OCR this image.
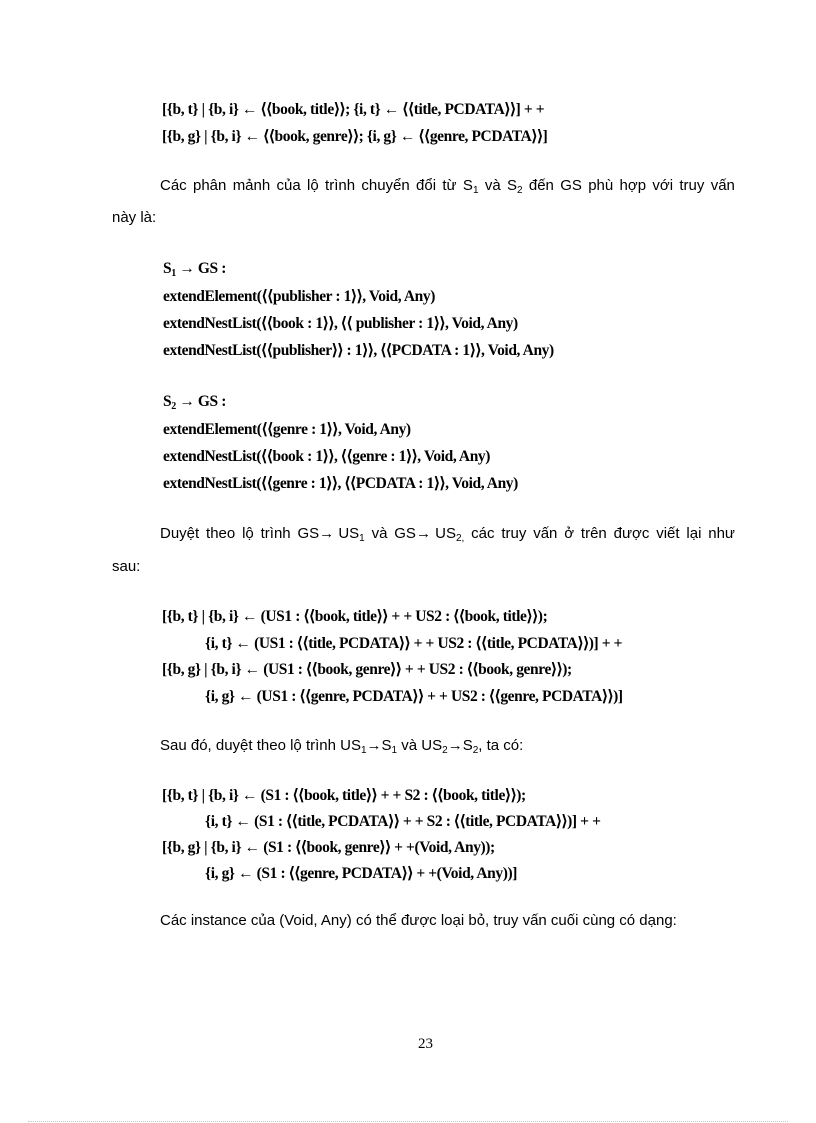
[{b, t} | {b, i} ← ⟨⟨book, title⟩⟩; {i, t} ← ⟨⟨title, PCDATA⟩⟩] + +
[{b, g} | {b, i} ← ⟨⟨book, genre⟩⟩; {i, g} ← ⟨⟨genre, PCDATA⟩⟩]
Các phân mảnh của lộ trình chuyển đổi từ $S_1$ và $S_2$ đến GS phù hợp với truy vấn
này là:
$S_1$ → GS :
extendElement(⟨⟨publisher : 1⟩⟩, Void, Any)
extendNestList(⟨⟨book : 1⟩⟩, ⟨⟨ publisher : 1⟩⟩, Void, Any)
extendNestList(⟨⟨publisher⟩⟩ : 1⟩⟩, ⟨⟨PCDATA : 1⟩⟩, Void, Any)
$S_2$ → GS :
extendElement(⟨⟨genre : 1⟩⟩, Void, Any)
extendNestList(⟨⟨book : 1⟩⟩, ⟨⟨genre : 1⟩⟩, Void, Any)
extendNestList(⟨⟨genre : 1⟩⟩, ⟨⟨PCDATA : 1⟩⟩, Void, Any)
Duyệt theo lộ trình $GS\to US_1$ và $GS\to US_{2,}$ các truy vấn ở trên được viết lại như
sau:
[{b, t} | {b, i} ← (US1 : ⟨⟨book, title⟩⟩ + + US2 : ⟨⟨book, title⟩⟩);
{i, t} ← (US1 : ⟨⟨title, PCDATA⟩⟩ + + US2 : ⟨⟨title, PCDATA⟩⟩)] + +
[{b, g} | {b, i} ← (US1 : ⟨⟨book, genre⟩⟩ + + US2 : ⟨⟨book, genre⟩⟩);
{i, g} ← (US1 : ⟨⟨genre, PCDATA⟩⟩ + + US2 : ⟨⟨genre, PCDATA⟩⟩)]
Sau đó, duyệt theo lộ trình $US_1\to S_1$ và $US_2\to S_2$, ta có:
[{b, t} | {b, i} ← (S1 : ⟨⟨book, title⟩⟩ + + S2 : ⟨⟨book, title⟩⟩);
{i, t} ← (S1 : ⟨⟨title, PCDATA⟩⟩ + + S2 : ⟨⟨title, PCDATA⟩⟩)] + +
[{b, g} | {b, i} ← (S1 : ⟨⟨book, genre⟩⟩ + +(Void, Any));
{i, g} ← (S1 : ⟨⟨genre, PCDATA⟩⟩ + +(Void, Any))]
Các instance của (Void, Any) có thể được loại bỏ, truy vấn cuối cùng có dạng:
23
